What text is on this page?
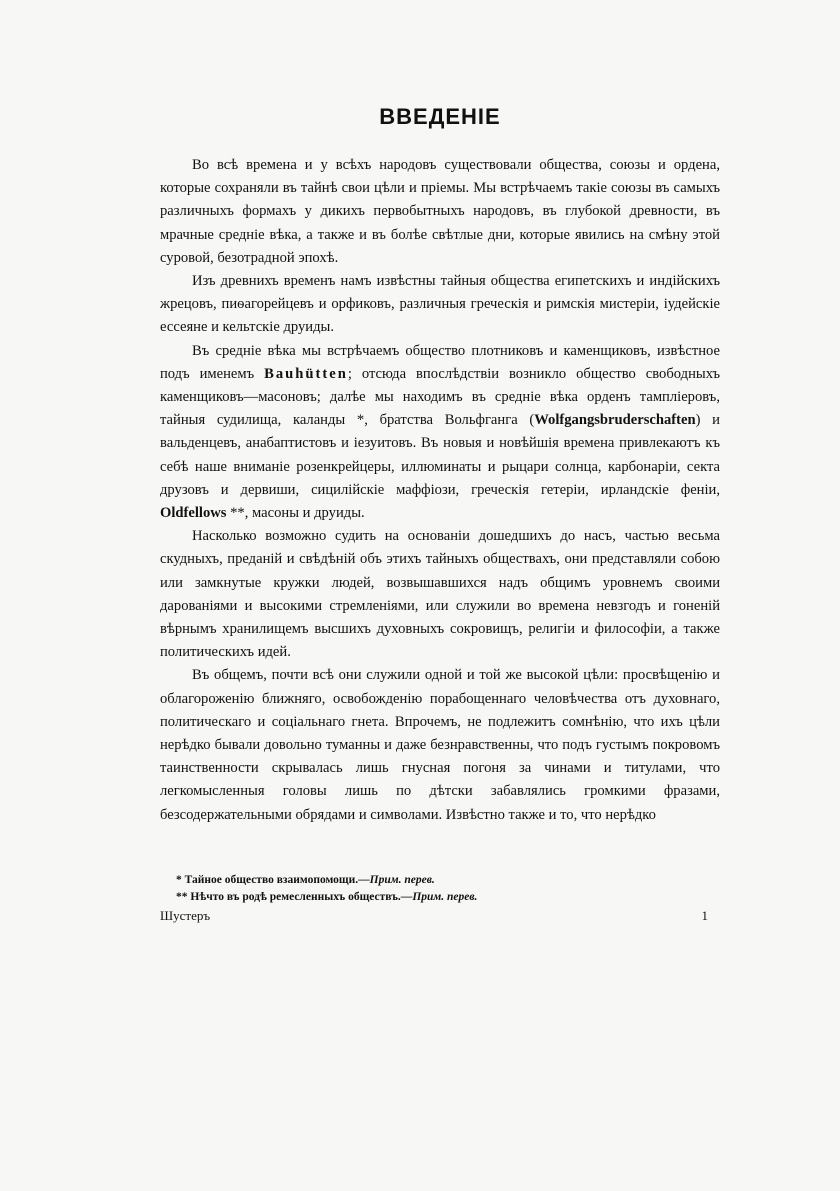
ВВЕДЕНІЕ

Во всѣ времена и у всѣхъ народовъ существовали общества, союзы и ордена, которые сохраняли въ тайнѣ свои цѣли и пріемы. Мы встрѣчаемъ такіе союзы въ самыхъ различныхъ формахъ у дикихъ первобытныхъ народовъ, въ глубокой древности, въ мрачные средніе вѣка, а также и въ болѣе свѣтлые дни, которые явились на смѣну этой суровой, безотрадной эпохѣ.

Изъ древнихъ временъ намъ извѣстны тайныя общества египетскихъ и индійскихъ жрецовъ, пиѳагорейцевъ и орфиковъ, различныя греческія и римскія мистеріи, іудейскіе ессеяне и кельтскіе друиды.

Въ средніе вѣка мы встрѣчаемъ общество плотниковъ и каменщиковъ, извѣстное подъ именемъ Bauhütten; отсюда впослѣдствіи возникло общество свободныхъ каменщиковъ—масоновъ; далѣе мы находимъ въ средніе вѣка орденъ тампліеровъ, тайныя судилища, каланды *, братства Вольфганга (Wolfgangsbruderschaften) и вальденцевъ, анабаптистовъ и іезуитовъ. Въ новыя и новѣйшія времена привлекаютъ къ себѣ наше вниманіе розенкрейцеры, иллюминаты и рыцари солнца, карбонаріи, секта друзовъ и дервиши, сицилійскіе маффіози, греческія гетеріи, ирландскіе феніи, Oldfellows **, масоны и друиды.

Насколько возможно судить на основаніи дошедшихъ до насъ, частью весьма скудныхъ, преданій и свѣдѣній объ этихъ тайныхъ обществахъ, они представляли собою или замкнутые кружки людей, возвышавшихся надъ общимъ уровнемъ своими дарованіями и высокими стремленіями, или служили во времена невзгодъ и гоненій вѣрнымъ хранилищемъ высшихъ духовныхъ сокровищъ, религіи и философіи, а также политическихъ идей.

Въ общемъ, почти всѣ они служили одной и той же высокой цѣли: просвѣщенію и облагороженію ближняго, освобожденію порабощеннаго человѣчества отъ духовнаго, политическаго и соціальнаго гнета. Впрочемъ, не подлежитъ сомнѣнію, что ихъ цѣли нерѣдко бывали довольно туманны и даже безнравственны, что подъ густымъ покровомъ таинственности скрывалась лишь гнусная погоня за чинами и титулами, что легкомысленныя головы лишь по дѣтски забавлялись громкими фразами, безсодержательными обрядами и символами. Извѣстно также и то, что нерѣдко

* Тайное общество взаимопомощи.—Прим. перев.

** Нѣчто въ родѣ ремесленныхъ обществъ.—Прим. перев.

Шустеръ	1
